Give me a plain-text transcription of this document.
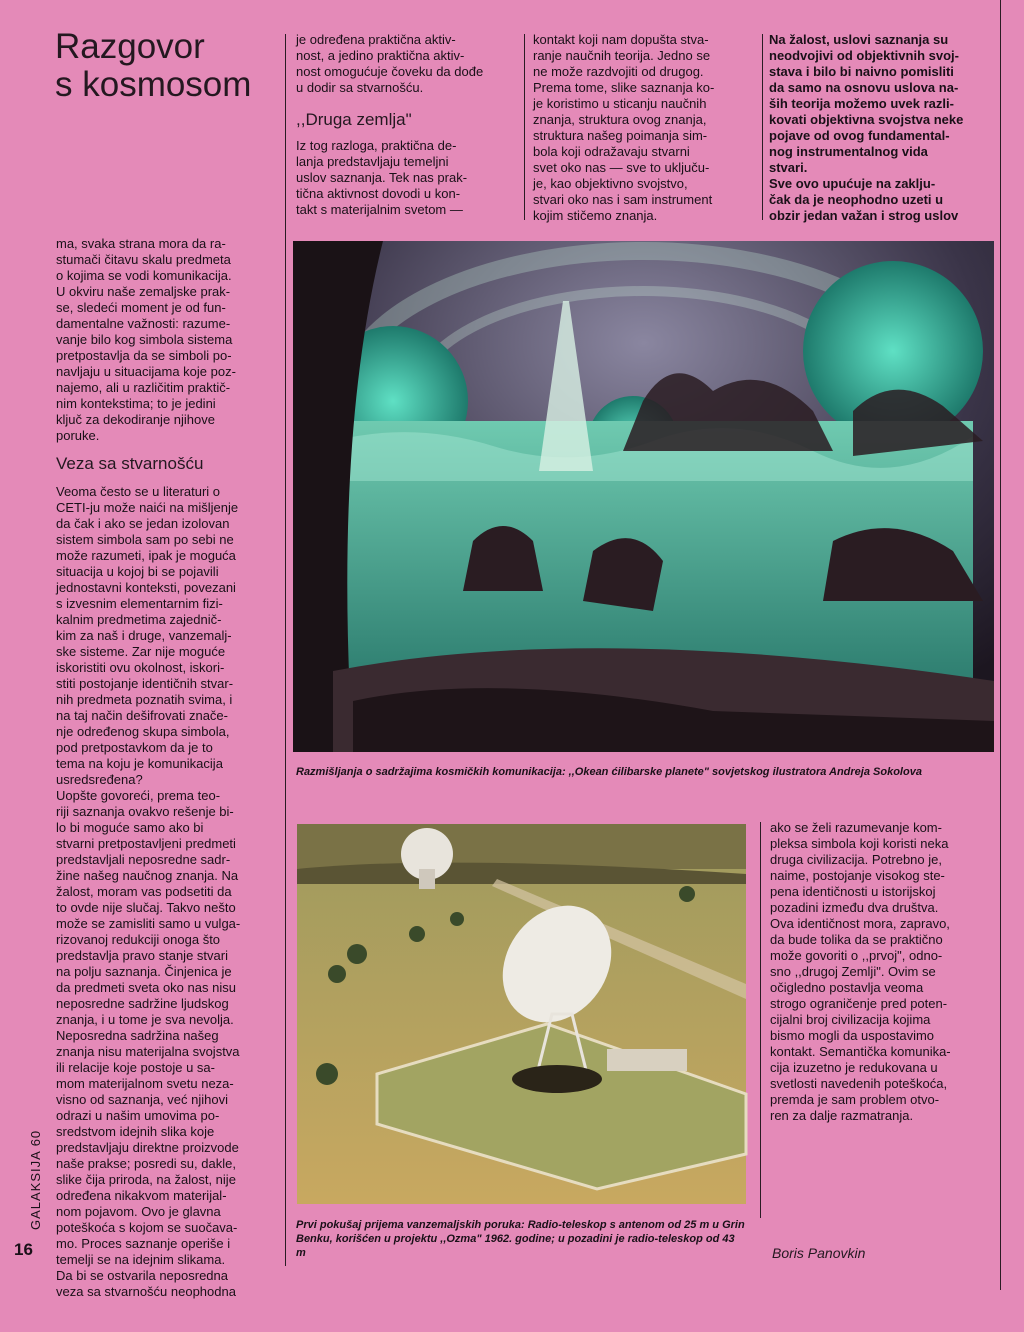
Razgovor
s kosmosom
je određena praktična aktiv-
nost, a jedino praktična aktiv-
nost omogućuje čoveku da dođe
u dodir sa stvarnošću.
,,Druga zemlja"
Iz tog razloga, praktična de-
lanja predstavljaju temeljni
uslov saznanja. Tek nas prak-
tična aktivnost dovodi u kon-
takt s materijalnim svetom —
kontakt koji nam dopušta stva-
ranje naučnih teorija. Jedno se
ne može razdvojiti od drugog.
Prema tome, slike saznanja ko-
je koristimo u sticanju naučnih
znanja, struktura ovog znanja,
struktura našeg poimanja sim-
bola koji odražavaju stvarni
svet oko nas — sve to uključu-
je, kao objektivno svojstvo,
stvari oko nas i sam instrument
kojim stičemo znanja.
Na žalost, uslovi saznanja su
neodvojivi od objektivnih svoj-
stava i bilo bi naivno pomisliti
da samo na osnovu uslova na-
ših teorija možemo uvek razli-
kovati objektivna svojstva neke
pojave od ovog fundamental-
nog instrumentalnog vida
stvari.
Sve ovo upućuje na zaklju-
čak da je neophodno uzeti u
obzir jedan važan i strog uslov
ma, svaka strana mora da ra-
stumači čitavu skalu predmeta
o kojima se vodi komunikacija.
U okviru naše zemaljske prak-
se, sledeći moment je od fun-
damentalne važnosti: razume-
vanje bilo kog simbola sistema
pretpostavlja da se simboli po-
navljaju u situacijama koje poz-
najemo, ali u različitim praktič-
nim kontekstima; to je jedini
ključ za dekodiranje njihove
poruke.
Veza sa stvarnošću
Veoma često se u literaturi o
CETI-ju može naići na mišljenje
da čak i ako se jedan izolovan
sistem simbola sam po sebi ne
može razumeti, ipak je moguća
situacija u kojoj bi se pojavili
jednostavni konteksti, povezani
s izvesnim elementarnim fizi-
kalnim predmetima zajednič-
kim za naš i druge, vanzemalj-
ske sisteme. Zar nije moguće
iskoristiti ovu okolnost, iskori-
stiti postojanje identičnih stvar-
nih predmeta poznatih svima, i
na taj način dešifrovati znače-
nje određenog skupa simbola,
pod pretpostavkom da je to
tema na koju je komunikacija
usredsređena?
Uopšte govoreći, prema teo-
riji saznanja ovakvo rešenje bi-
lo bi moguće samo ako bi
stvarni pretpostavljeni predmeti
predstavljali neposredne sadr-
žine našeg naučnog znanja. Na
žalost, moram vas podsetiti da
to ovde nije slučaj. Takvo nešto
može se zamisliti samo u vulga-
rizovanoj redukciji onoga što
predstavlja pravo stanje stvari
na polju saznanja. Činjenica je
da predmeti sveta oko nas nisu
neposredne sadržine ljudskog
znanja, i u tome je sva nevolja.
Neposredna sadržina našeg
znanja nisu materijalna svojstva
ili relacije koje postoje u sa-
mom materijalnom svetu neza-
visno od saznanja, već njihovi
odrazi u našim umovima po-
sredstvom idejnih slika koje
predstavljaju direktne proizvode
naše prakse; posredi su, dakle,
slike čija priroda, na žalost, nije
određena nikakvom materijal-
nom pojavom. Ovo je glavna
poteškoća s kojom se suočava-
mo. Proces saznanje operiše i
temelji se na idejnim slikama.
Da bi se ostvarila neposredna
veza sa stvarnošću neophodna
Razmišljanja o sadržajima kosmičkih komunikacija: ,,Okean ćilibarske planete" sovjetskog ilustratora Andreja Sokolova
Prvi pokušaj prijema vanzemaljskih poruka: Radio-teleskop s antenom od 25 m u Grin Benku, korišćen u projektu ,,Ozma" 1962. godine; u pozadini je radio-teleskop od 43 m
ako se želi razumevanje kom-
pleksa simbola koji koristi neka
druga civilizacija. Potrebno je,
naime, postojanje visokog ste-
pena identičnosti u istorijskoj
pozadini između dva društva.
Ova identičnost mora, zapravo,
da bude tolika da se praktično
može govoriti o ,,prvoj", odno-
sno ,,drugoj Zemlji". Ovim se
očigledno postavlja veoma
strogo ograničenje pred poten-
cijalni broj civilizacija kojima
bismo mogli da uspostavimo
kontakt. Semantička komunika-
cija izuzetno je redukovana u
svetlosti navedenih poteškoća,
premda je sam problem otvo-
ren za dalje razmatranja.
Boris Panovkin
GALAKSIJA 60
16
